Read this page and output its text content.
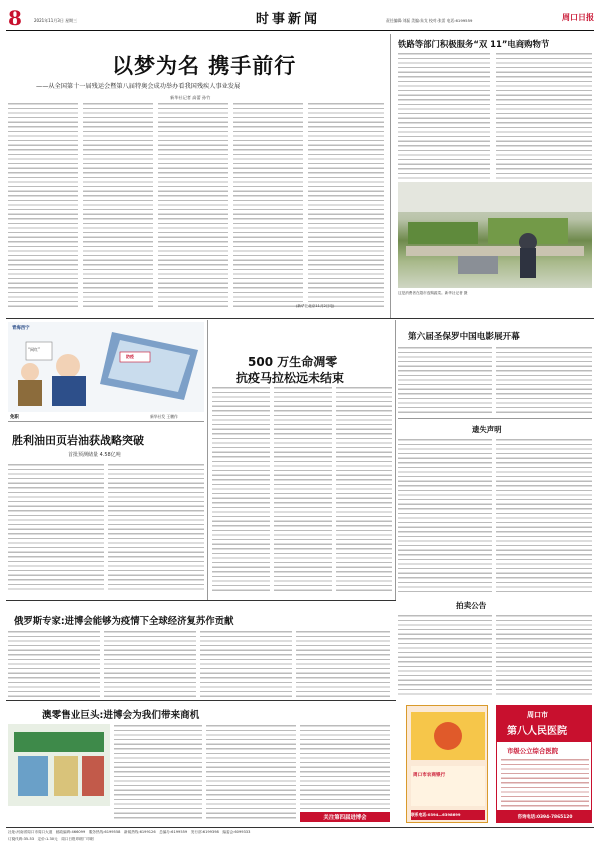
8	2021年11月3日 星期三	时事新闻	责任编辑:刘磊 美编:朱戈 校对:张雷 电话:6199559	周口日报
以梦为名 携手前行
——从全国第十一届残运会暨第八届特奥会成功举办看我国残疾人事业发展
新华社记者 高蕾 孙竹
铁路等部门积极服务“双 11”电商购物节
这是消费者在超市选购蔬菜。新华社记者 摄
(新华社北京11月2日电)
青海西宁
防疫
“网红”
免职	新华社发 王鹏作
胜利油田页岩油获战略突破
首批预测储量 4.58亿吨
500 万生命凋零
抗疫马拉松远未结束
第六届圣保罗中国电影展开幕
遗失声明
俄罗斯专家:进博会能够为疫情下全球经济复苏作贡献
澳零售业巨头:进博会为我们带来商机
关注第四届进博会
拍卖公告
周口市农商银行
联系电话:0394—6398699
周口市
第八人民医院
市级公立综合医院
咨询电话:0394-7865120
社址:河南省周口市周口大道　邮政编码:466099　服务热线:6199558　新闻热线:6199126　总编办:6199559　发行部:6199398　编委会:6099333
订阅代码:35-53　定价:1.30元　周口日报印刷厂印刷
